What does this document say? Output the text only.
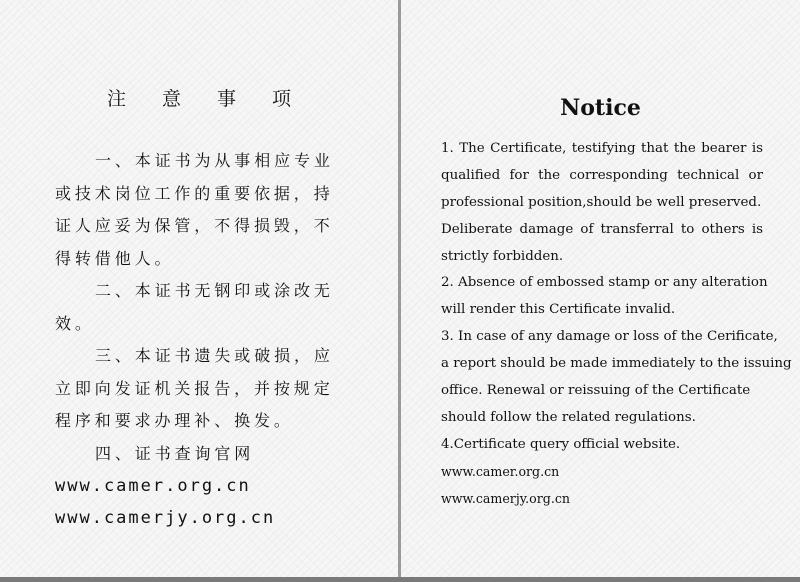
注 意 事 项
一、本证书为从事相应专业
或技术岗位工作的重要依据，持
证人应妥为保管，不得损毁，不
得转借他人。
二、本证书无钢印或涂改无
效。
三、本证书遗失或破损，应
立即向发证机关报告，并按规定
程序和要求办理补、换发。
四、证书查询官网
www.camer.org.cn
www.camerjy.org.cn
Notice
1. The Certificate, testifying that the bearer is
qualified for the corresponding technical or
professional position,should be well preserved.
Deliberate damage of transferral to others is
strictly forbidden.
2. Absence of embossed stamp or any alteration
will render this Certificate invalid.
3. In case of any damage or loss of the Cerificate,
a report should be made immediately to the issuing
office. Renewal or reissuing of the Certificate
should follow the related regulations.
4.Certificate query official website.
www.camer.org.cn
www.camerjy.org.cn
